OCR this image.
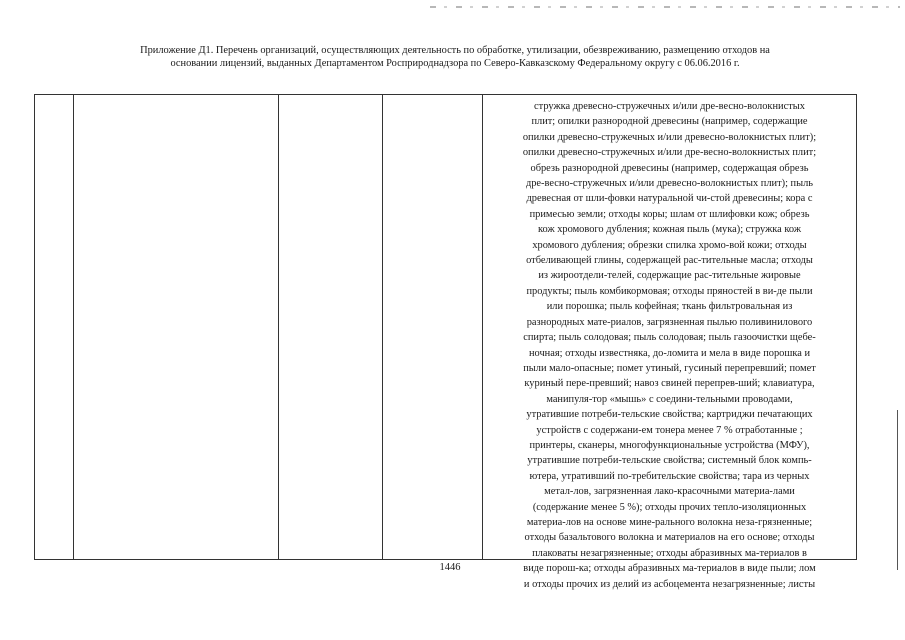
Приложение Д1. Перечень организаций, осуществляющих деятельность по обработке, утилизации, обезвреживанию, размещению отходов на
основании лицензий, выданных Департаментом Росприроднадзора по Северо-Кавказскому Федеральному округу с 06.06.2016 г.

стружка древесно-стружечных и/или дре-весно-волокнистых
плит; опилки разнородной древесины (например, содержащие
опилки древесно-стружечных и/или древесно-волокнистых плит);
опилки древесно-стружечных и/или дре-весно-волокнистых плит;
обрезь разнородной древесины (например, содержащая обрезь
дре-весно-стружечных и/или древесно-волокнистых плит); пыль
древесная от шли-фовки натуральной чи-стой древесины; кора с
примесью земли; отходы коры; шлам от шлифовки кож; обрезь
кож хромового дубления; кожная пыль (мука); стружка кож
хромового дубления; обрезки спилка хромо-вой кожи; отходы
отбеливающей глины, содержащей рас-тительные масла; отходы
из жироотдели-телей, содержащие рас-тительные жировые
продукты; пыль комбикормовая; отходы пряностей в ви-де пыли
или порошка; пыль кофейная; ткань фильтровальная из
разнородных мате-риалов, загрязненная пылью поливинилового
спирта; пыль солодовая; пыль солодовая; пыль газоочистки щебе-
ночная; отходы известняка, до-ломита и мела в виде порошка и
пыли мало-опасные; помет утиный, гусиный перепревший; помет
куриный пере-превший; навоз свиней перепрев-ший; клавиатура,
манипуля-тор «мышь» с соедини-тельными проводами,
утратившие потреби-тельские свойства; картриджи печатающих
устройств с содержани-ем тонера менее 7 % отработанные ;
принтеры, сканеры, многофункциональные устройства (МФУ),
утратившие потреби-тельские свойства; системный блок компь-
ютера, утративший по-требительские свойства; тара из черных
метал-лов, загрязненная лако-красочными материа-лами
(содержание менее 5 %); отходы прочих тепло-изоляционных
материа-лов на основе мине-рального волокна неза-грязненные;
отходы базальтового волокна и материалов на его основе; отходы
плаковаты незагрязненные; отходы абразивных ма-териалов в
виде порош-ка; отходы абразивных ма-териалов в виде пыли; лом
и отходы прочих из делий из асбоцемента незагрязненные; листы
1446
